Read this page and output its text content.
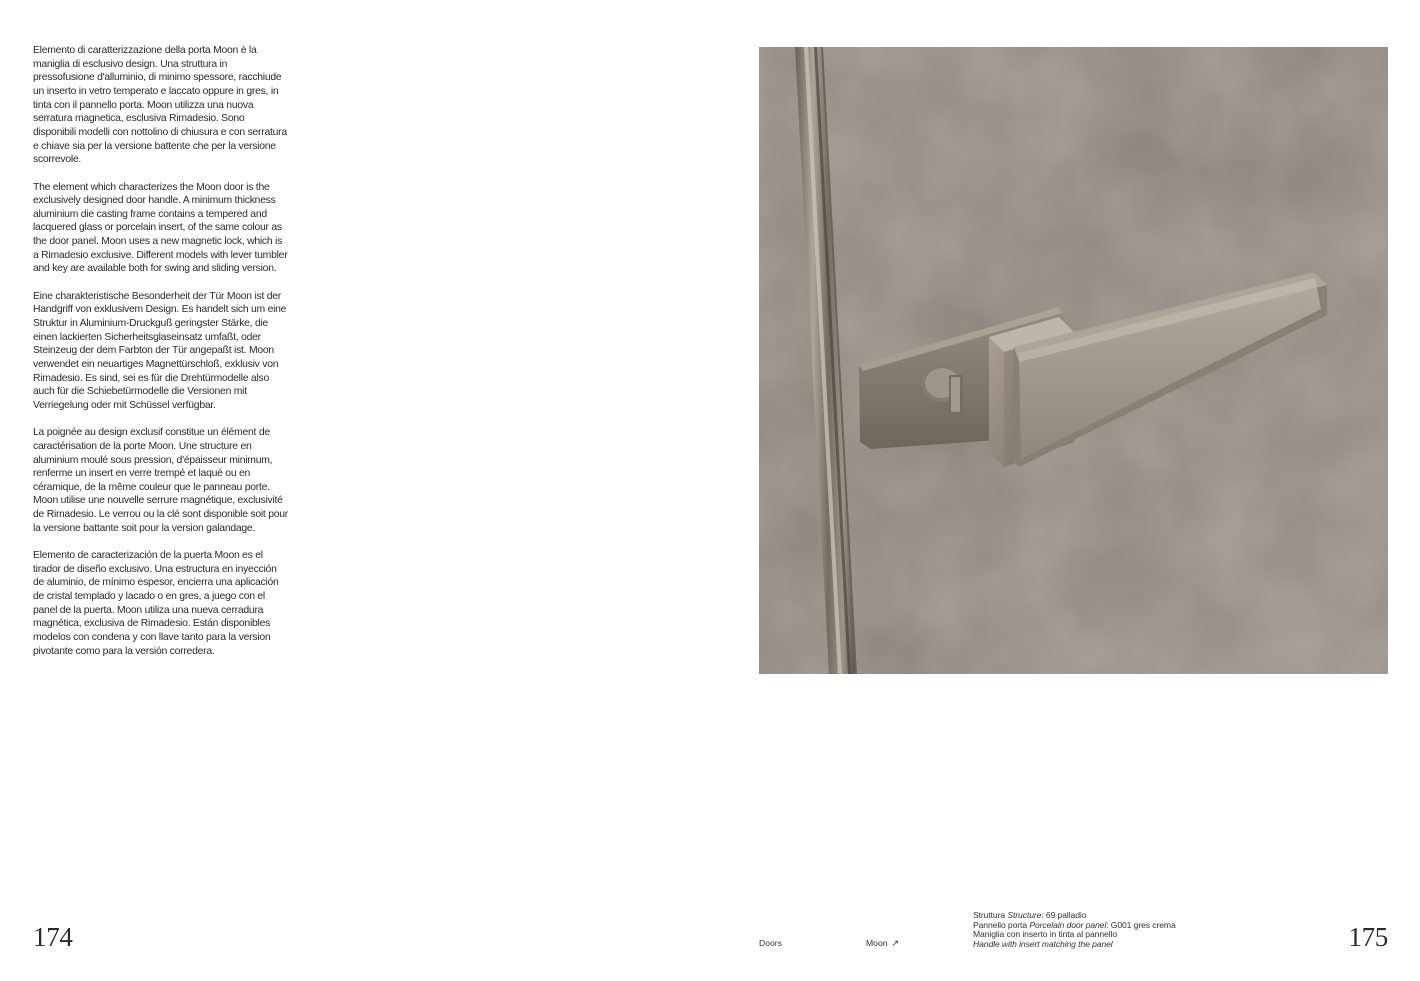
Elemento di caratterizzazione della porta Moon è la maniglia di esclusivo design. Una struttura in pressofusione d'alluminio, di minimo spessore, racchiude un inserto in vetro temperato e laccato oppure in gres, in tinta con il pannello porta. Moon utilizza una nuova serratura magnetica, esclusiva Rimadesio. Sono disponibili modelli con nottolino di chiusura e con serratura e chiave sia per la versione battente che per la versione scorrevole.

The element which characterizes the Moon door is the exclusively designed door handle. A minimum thickness aluminium die casting frame contains a tempered and lacquered glass or porcelain insert, of the same colour as the door panel. Moon uses a new magnetic lock, which is a Rimadesio exclusive. Different models with lever tumbler and key are available both for swing and sliding version.

Eine charakteristische Besonderheit der Tür Moon ist der Handgriff von exklusivem Design. Es handelt sich um eine Struktur in Aluminium-Druckguß geringster Stärke, die einen lackierten Sicherheitsglaseinsatz umfaßt, oder Steinzeug der dem Farbton der Tür angepaßt ist. Moon verwendet ein neuartiges Magnettürschloß, exklusiv von Rimadesio. Es sind, sei es für die Drehtürmodelle also auch für die Schiebetürmodelle die Versionen mit Verriegelung oder mit Schüssel verfügbar.

La poignée au design exclusif constitue un élément de caractérisation de la porte Moon. Une structure en aluminium moulé sous pression, d'épaisseur minimum, renferme un insert en verre trempé et laqué ou en céramique, de la même couleur que le panneau porte. Moon utilise une nouvelle serrure magnétique, exclusivité de Rimadesio. Le verrou ou la clé sont disponible soit pour la versione battante soit pour la version galandage.

Elemento de caracterización de la puerta Moon es el tirador de diseño exclusivo. Una estructura en inyección de aluminio, de mínimo espesor, encierra una aplicación de cristal templado y lacado o en gres, a juego con el panel de la puerta. Moon utiliza una nueva cerradura magnética, exclusiva de Rimadesio. Están disponibles modelos con condena y con llave tanto para la version pivotante como para la versión corredera.

174	175
Doors	Moon ↗
Struttura Structure: 69 palladio
Pannello porta Porcelain door panel: G001 gres crema
Maniglia con inserto in tinta al pannello
Handle with insert matching the panel
